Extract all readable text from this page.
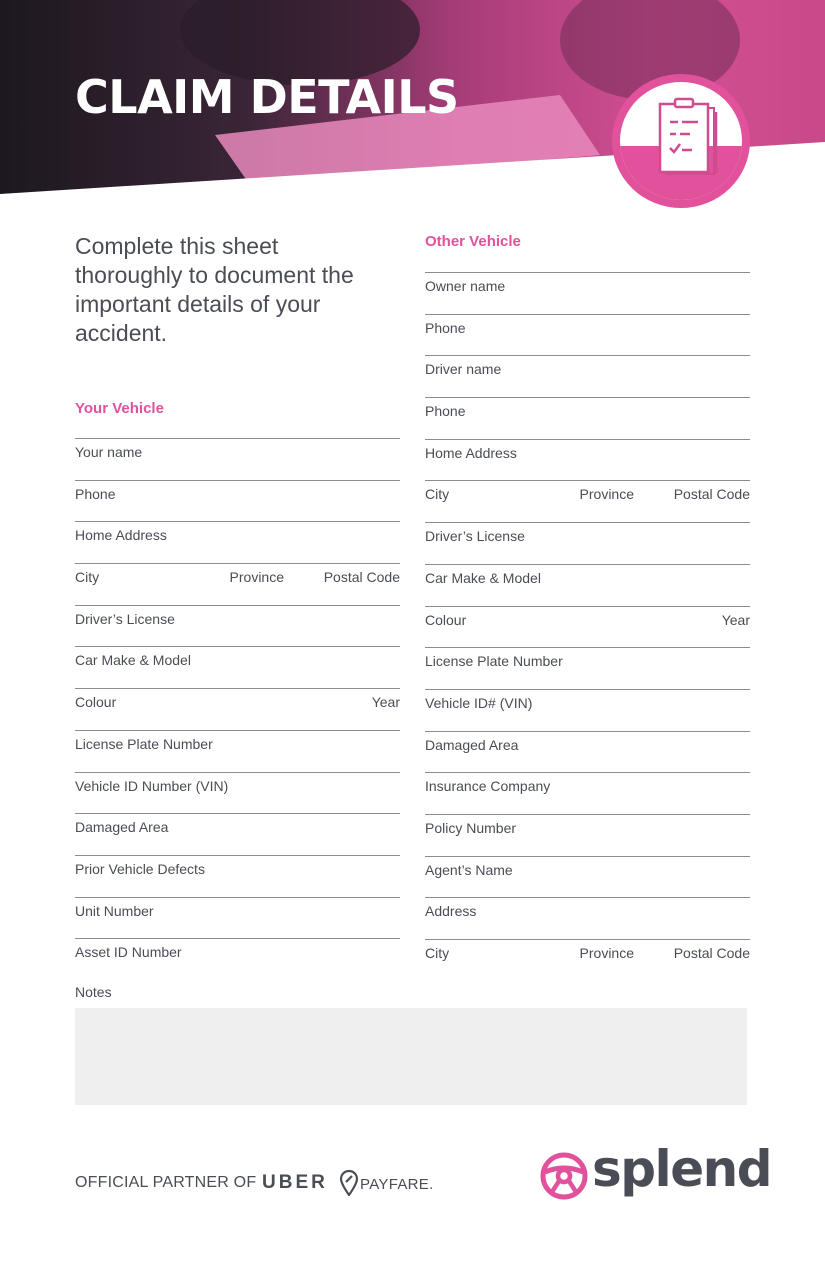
CLAIM DETAILS
Complete this sheet thoroughly to document the important details of your accident.
Your Vehicle
Your name
Phone
Home Address
City	Province	Postal Code
Driver’s License
Car Make & Model
Colour	Year
License Plate Number
Vehicle ID Number (VIN)
Damaged Area
Prior Vehicle Defects
Unit Number
Asset ID Number
Other Vehicle
Owner name
Phone
Driver name
Phone
Home Address
City	Province	Postal Code
Driver’s License
Car Make & Model
Colour	Year
License Plate Number
Vehicle ID# (VIN)
Damaged Area
Insurance Company
Policy Number
Agent’s Name
Address
City	Province	Postal Code
Notes
OFFICIAL PARTNER OF UBER PAYFARE.	splend
